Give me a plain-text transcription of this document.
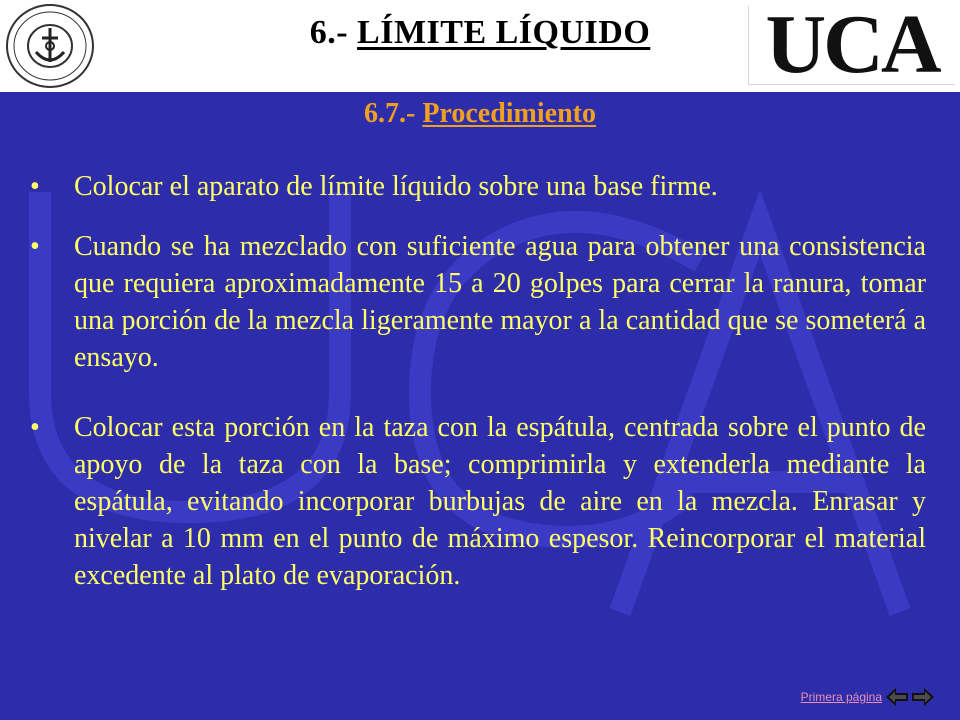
6.- LÍMITE LÍQUIDO	UCA
6.7.- Procedimiento
• Colocar el aparato de límite líquido sobre una base firme.
• Cuando se ha mezclado con suficiente agua para obtener una consistencia que requiera aproximadamente 15 a 20 golpes para cerrar la ranura, tomar una porción de la mezcla ligeramente mayor a la cantidad que se someterá a ensayo.
• Colocar esta porción en la taza con la espátula, centrada sobre el punto de apoyo de la taza con la base; comprimirla y extenderla mediante la espátula, evitando incorporar burbujas de aire en la mezcla. Enrasar y nivelar a 10 mm en el punto de máximo espesor. Reincorporar el material excedente al plato de evaporación.
Primera página
